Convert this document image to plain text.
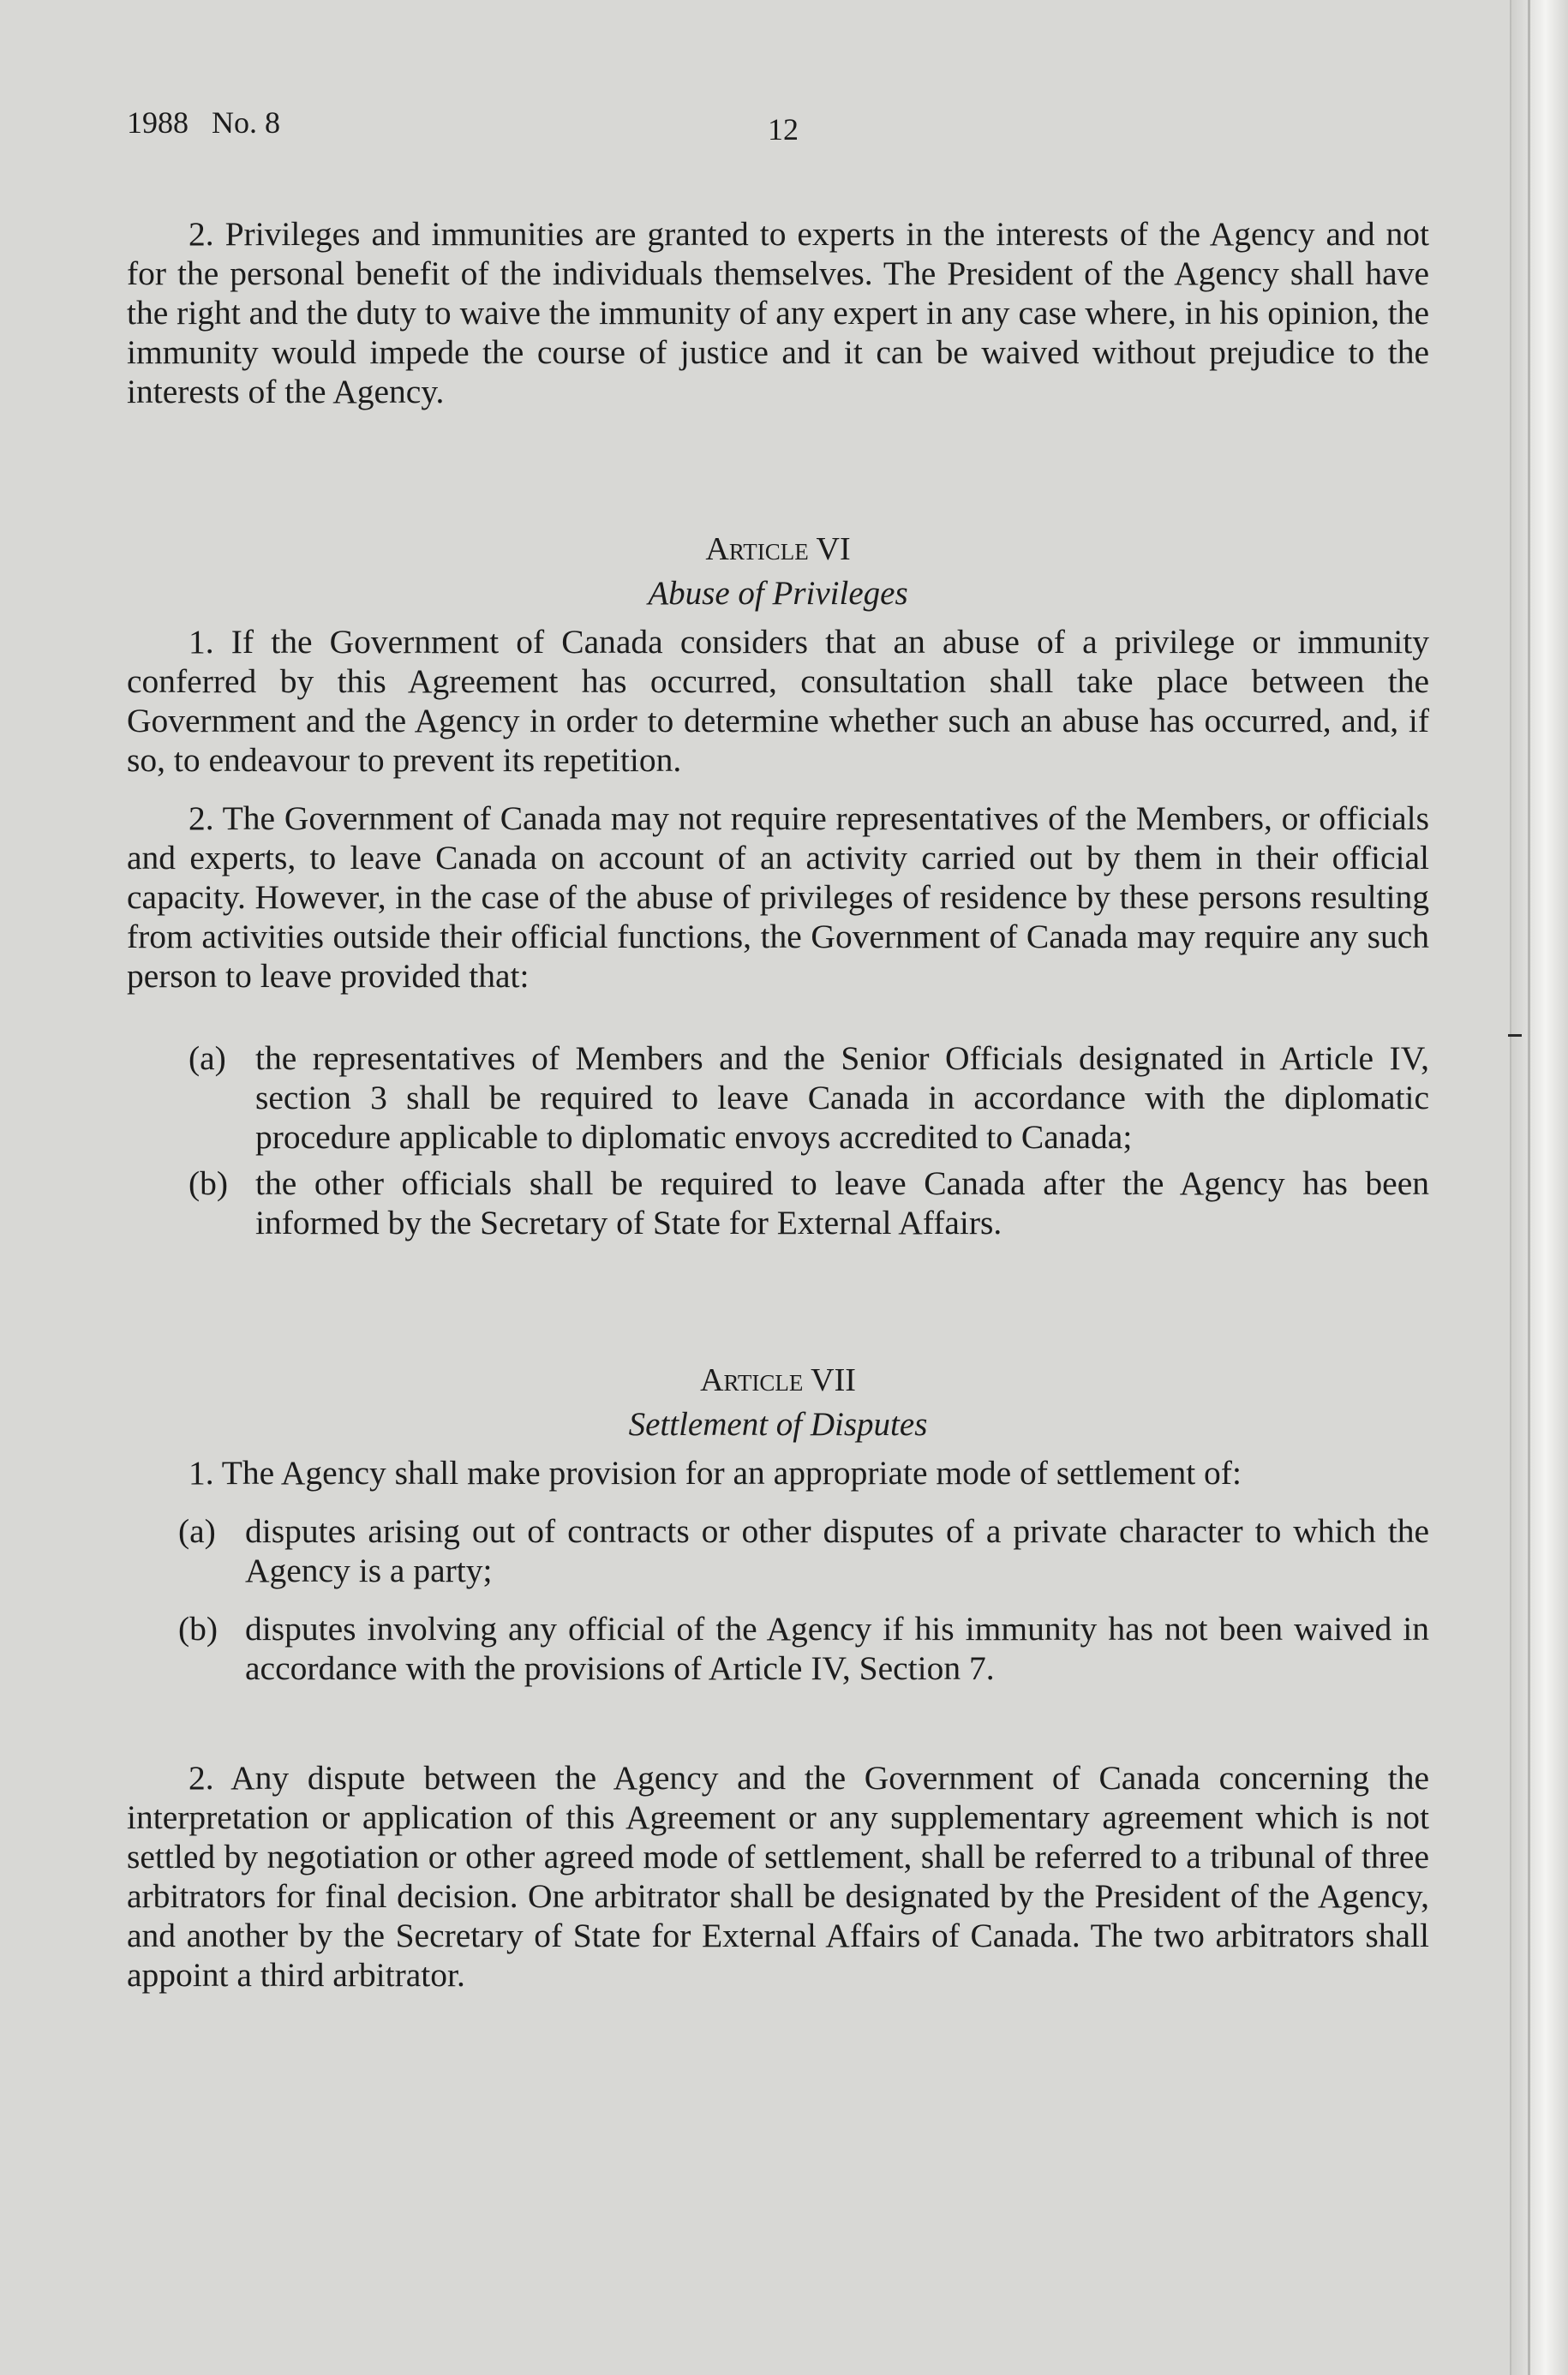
1988   No. 8	12

2. Privileges and immunities are granted to experts in the interests of the Agency and not for the personal benefit of the individuals themselves. The President of the Agency shall have the right and the duty to waive the immunity of any expert in any case where, in his opinion, the immunity would impede the course of justice and it can be waived without prejudice to the interests of the Agency.

Article VI

Abuse of Privileges

1. If the Government of Canada considers that an abuse of a privilege or immunity conferred by this Agreement has occurred, consultation shall take place between the Government and the Agency in order to determine whether such an abuse has occurred, and, if so, to endeavour to prevent its repetition.

2. The Government of Canada may not require representatives of the Members, or officials and experts, to leave Canada on account of an activity carried out by them in their official capacity. However, in the case of the abuse of privileges of residence by these persons resulting from activities outside their official functions, the Government of Canada may require any such person to leave provided that:

(a) the representatives of Members and the Senior Officials designated in Article IV, section 3 shall be required to leave Canada in accordance with the diplomatic procedure applicable to diplomatic envoys accredited to Canada;
(b) the other officials shall be required to leave Canada after the Agency has been informed by the Secretary of State for External Affairs.

Article VII

Settlement of Disputes

1. The Agency shall make provision for an appropriate mode of settlement of:

(a) disputes arising out of contracts or other disputes of a private character to which the Agency is a party;
(b) disputes involving any official of the Agency if his immunity has not been waived in accordance with the provisions of Article IV, Section 7.

2. Any dispute between the Agency and the Government of Canada concerning the interpretation or application of this Agreement or any supplementary agreement which is not settled by negotiation or other agreed mode of settlement, shall be referred to a tribunal of three arbitrators for final decision. One arbitrator shall be designated by the President of the Agency, and another by the Secretary of State for External Affairs of Canada. The two arbitrators shall appoint a third arbitrator.
